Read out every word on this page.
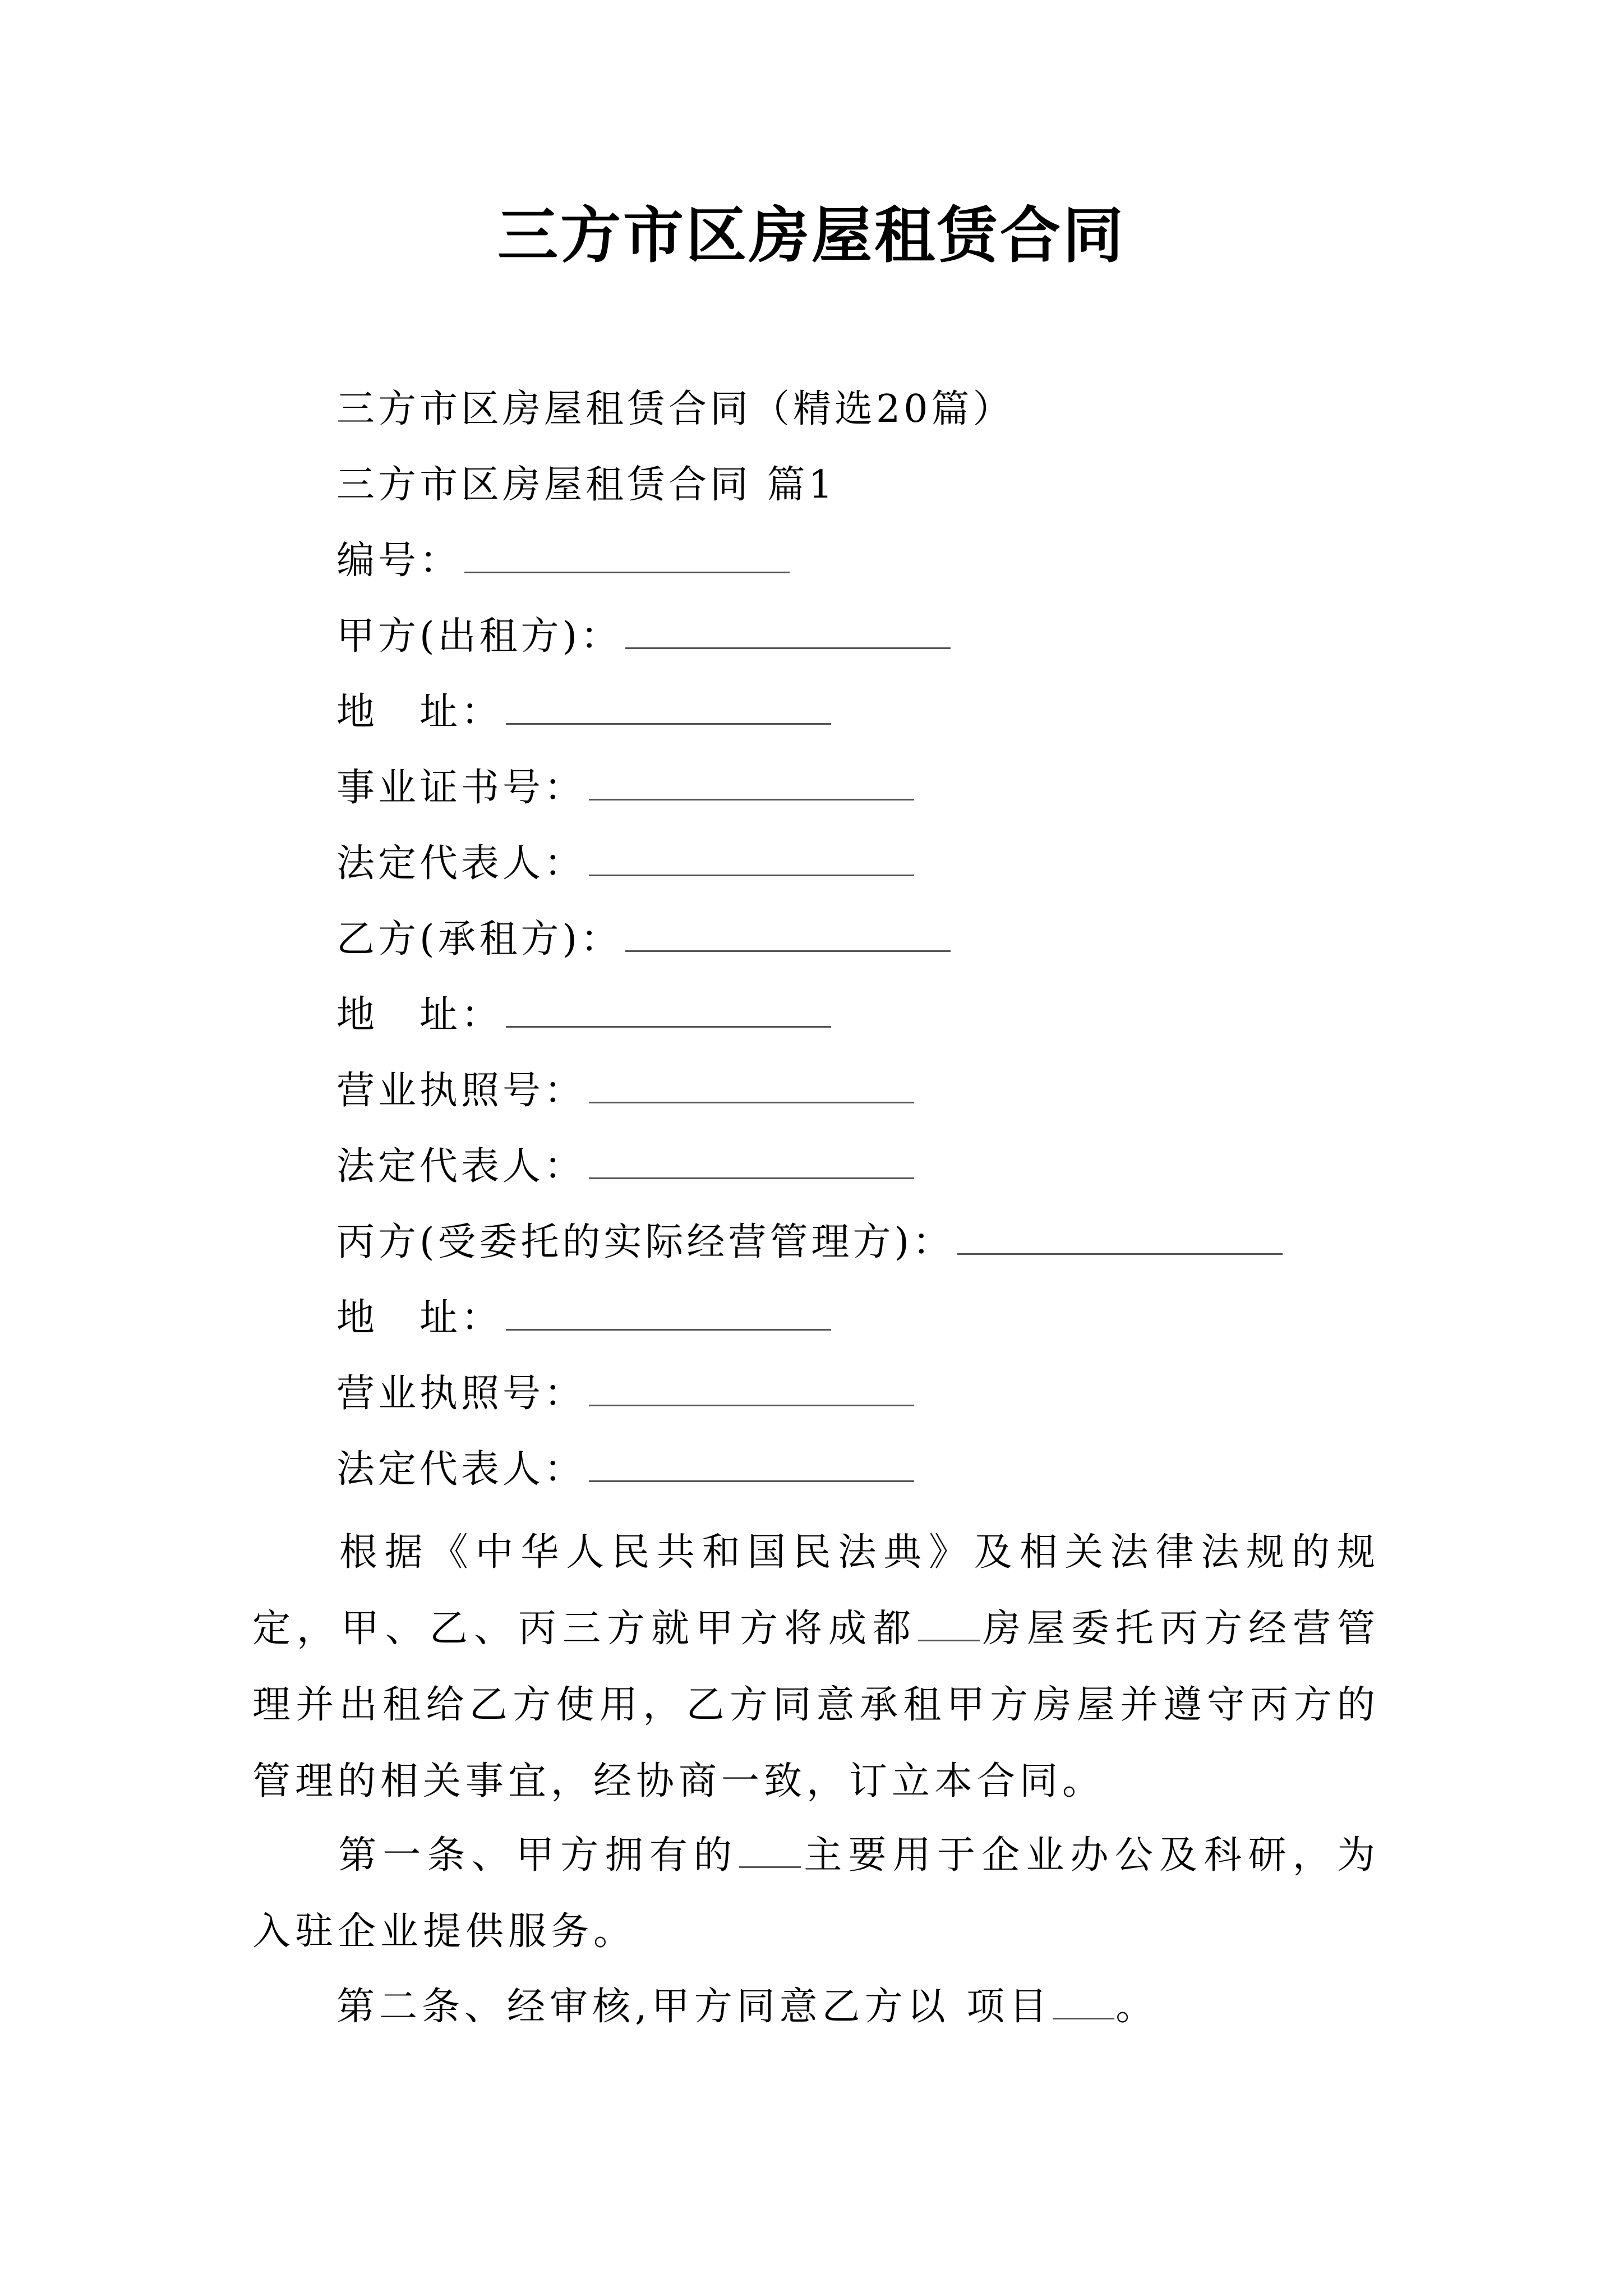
三方市区房屋租赁合同
三方市区房屋租赁合同（精选20篇）
三方市区房屋租赁合同 篇1
编号：
甲方(出租方)：
地　址：
事业证书号：
法定代表人：
乙方(承租方)：
地　址：
营业执照号：
法定代表人：
丙方(受委托的实际经营管理方)：
地　址：
营业执照号：
法定代表人：
根据《中华人民共和国民法典》及相关法律法规的规定，甲、乙、丙三方就甲方将成都 房屋委托丙方经营管理并出租给乙方使用，乙方同意承租甲方房屋并遵守丙方的管理的相关事宜，经协商一致，订立本合同。
第一条、甲方拥有的 主要用于企业办公及科研，为入驻企业提供服务。
第二条、经审核,甲方同意乙方以 项目 。
